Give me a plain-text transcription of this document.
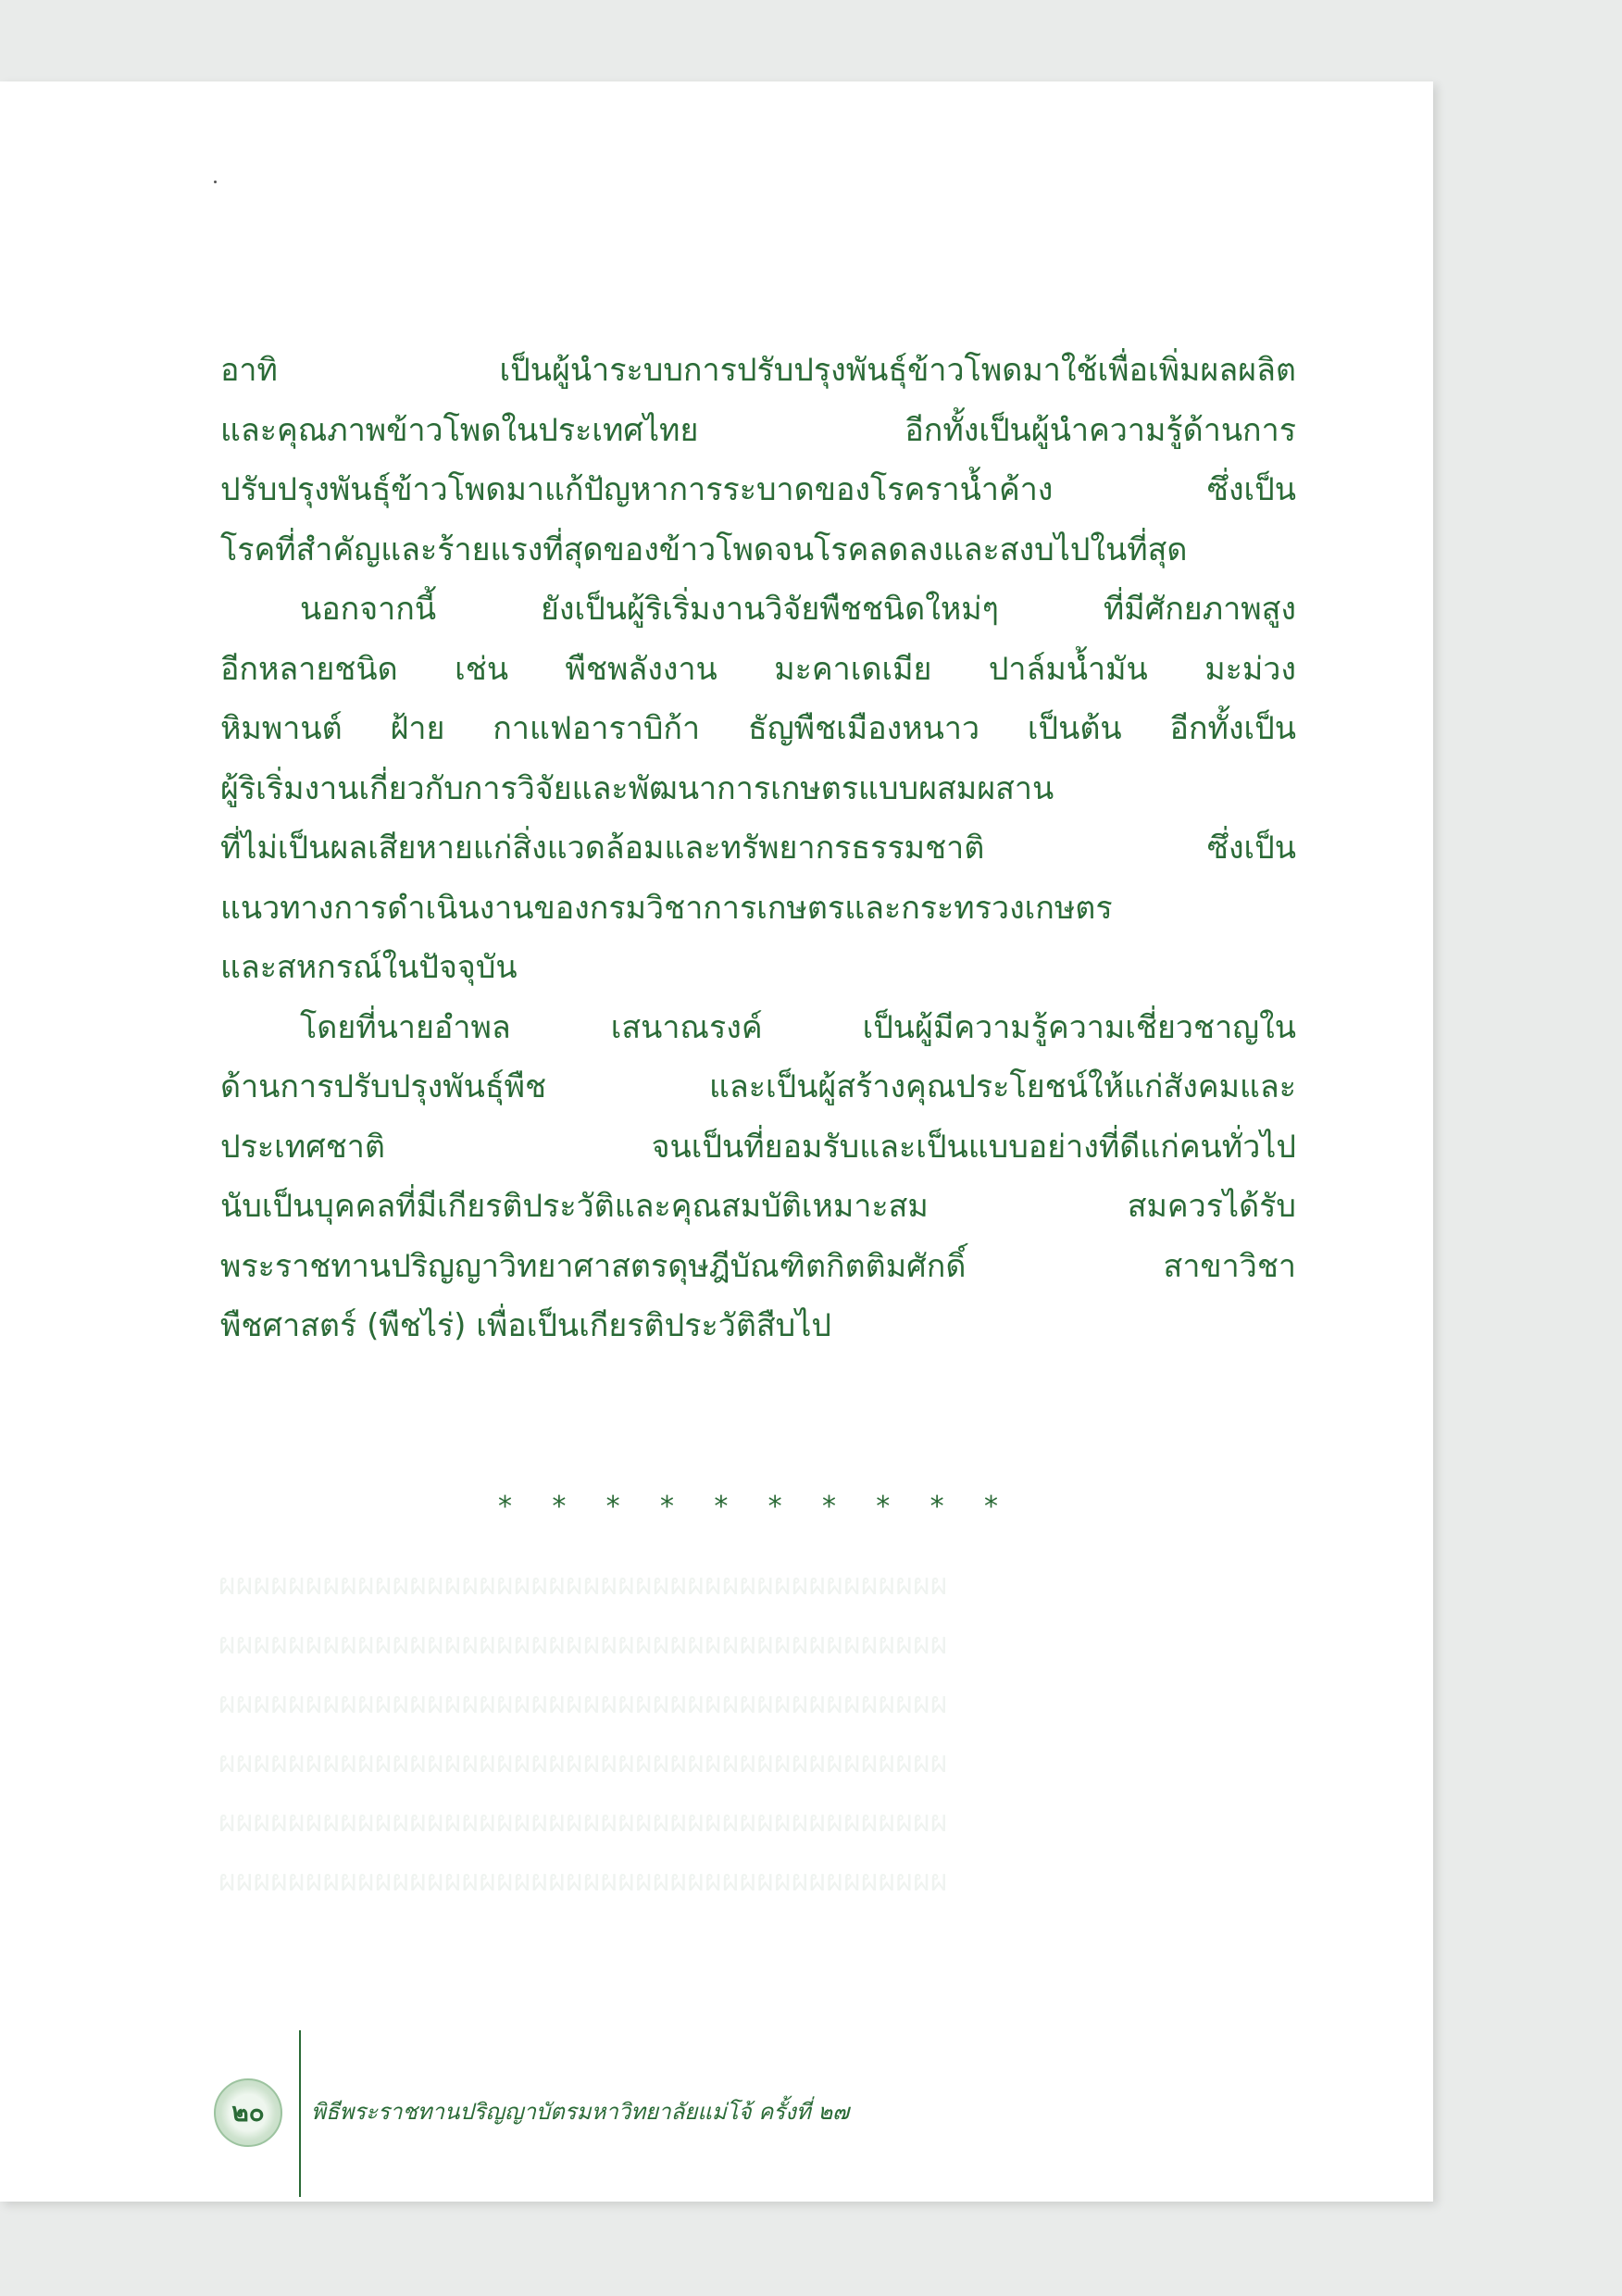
ผผผผผผผผผผผผผผผผผผผผผผผผผผผผผผผผผผผผผผผผผผ
ผผผผผผผผผผผผผผผผผผผผผผผผผผผผผผผผผผผผผผผผผผ
ผผผผผผผผผผผผผผผผผผผผผผผผผผผผผผผผผผผผผผผผผผ
ผผผผผผผผผผผผผผผผผผผผผผผผผผผผผผผผผผผผผผผผผผ
ผผผผผผผผผผผผผผผผผผผผผผผผผผผผผผผผผผผผผผผผผผ
ผผผผผผผผผผผผผผผผผผผผผผผผผผผผผผผผผผผผผผผผผผ
อาทิ เป็นผู้นำระบบการปรับปรุงพันธุ์ข้าวโพดมาใช้เพื่อเพิ่มผลผลิต
และคุณภาพข้าวโพดในประเทศไทย อีกทั้งเป็นผู้นำความรู้ด้านการ
ปรับปรุงพันธุ์ข้าวโพดมาแก้ปัญหาการระบาดของโรคราน้ำค้าง ซึ่งเป็น
โรคที่สำคัญและร้ายแรงที่สุดของข้าวโพดจนโรคลดลงและสงบไปในที่สุด
นอกจากนี้ ยังเป็นผู้ริเริ่มงานวิจัยพืชชนิดใหม่ๆ ที่มีศักยภาพสูง
อีกหลายชนิด เช่น พืชพลังงาน มะคาเดเมีย ปาล์มน้ำมัน มะม่วง
หิมพานต์ ฝ้าย กาแฟอาราบิก้า ธัญพืชเมืองหนาว เป็นต้น อีกทั้งเป็น
ผู้ริเริ่มงานเกี่ยวกับการวิจัยและพัฒนาการเกษตรแบบผสมผสาน
ที่ไม่เป็นผลเสียหายแก่สิ่งแวดล้อมและทรัพยากรธรรมชาติ ซึ่งเป็น
แนวทางการดำเนินงานของกรมวิชาการเกษตรและกระทรวงเกษตร
และสหกรณ์ในปัจจุบัน
โดยที่นายอำพล เสนาณรงค์ เป็นผู้มีความรู้ความเชี่ยวชาญใน
ด้านการปรับปรุงพันธุ์พืช และเป็นผู้สร้างคุณประโยชน์ให้แก่สังคมและ
ประเทศชาติ จนเป็นที่ยอมรับและเป็นแบบอย่างที่ดีแก่คนทั่วไป
นับเป็นบุคคลที่มีเกียรติประวัติและคุณสมบัติเหมาะสม สมควรได้รับ
พระราชทานปริญญาวิทยาศาสตรดุษฎีบัณฑิตกิตติมศักดิ์ สาขาวิชา
พืชศาสตร์ (พืชไร่) เพื่อเป็นเกียรติประวัติสืบไป
* * * * * * * * * *
๒๐ พิธีพระราชทานปริญญาบัตรมหาวิทยาลัยแม่โจ้ ครั้งที่ ๒๗
